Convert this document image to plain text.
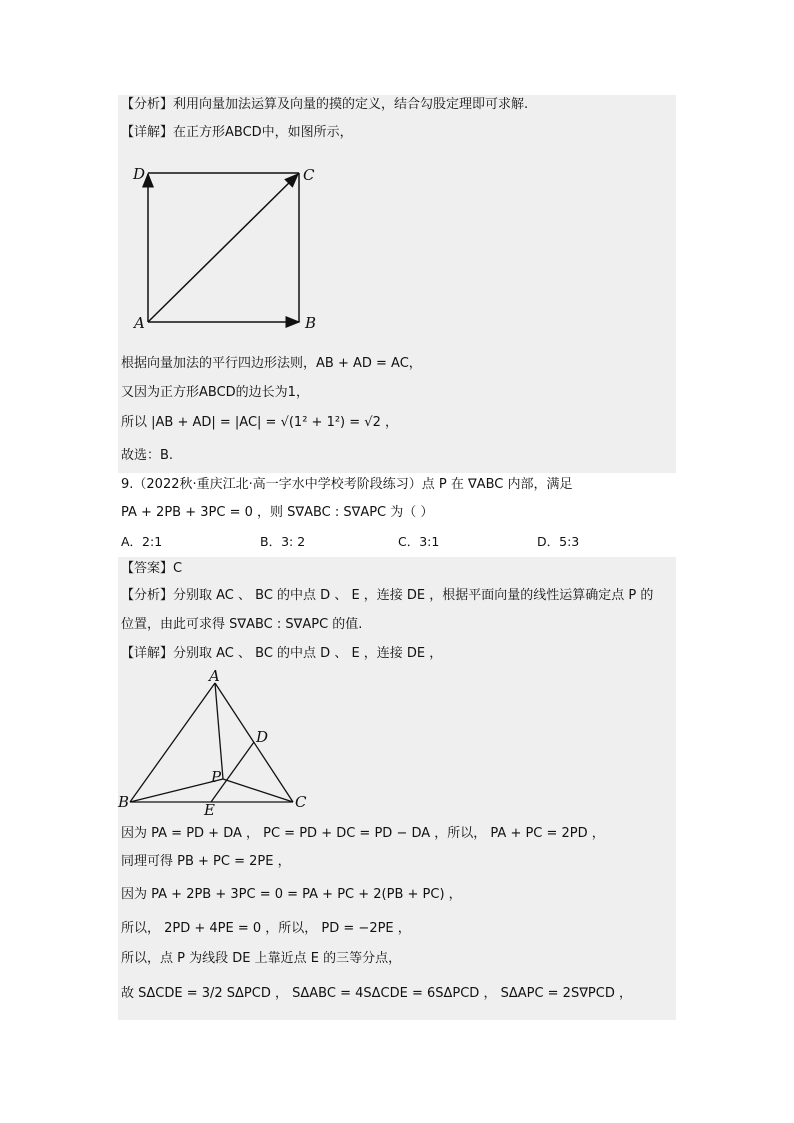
【分析】利用向量加法运算及向量的摸的定义，结合勾股定理即可求解.
【详解】在正方形ABCD中，如图所示，
D	C
A	B
根据向量加法的平行四边形法则，AB + AD = AC，
又因为正方形ABCD的边长为1，
所以 |AB + AD| = |AC| = √(1² + 1²) = √2 ，
故选：B.
9.（2022秋·重庆江北·高一字水中学校考阶段练习）点 P 在 ∇ABC 内部，满足
PA + 2PB + 3PC = 0 ，则 S∇ABC : S∇APC 为（ ）
A．2:1	B．3: 2	C．3:1	D．5:3
【答案】C
【分析】分别取 AC 、 BC 的中点 D 、 E ，连接 DE ，根据平面向量的线性运算确定点 P 的
位置，由此可求得 S∇ABC : S∇APC 的值.
【详解】分别取 AC 、 BC 的中点 D 、 E ，连接 DE ，
A
D
P
B	E	C
因为 PA = PD + DA ， PC = PD + DC = PD − DA ，所以， PA + PC = 2PD ，
同理可得 PB + PC = 2PE ，
因为 PA + 2PB + 3PC = 0 = PA + PC + 2(PB + PC) ，
所以， 2PD + 4PE = 0 ，所以， PD = −2PE ，
所以，点 P 为线段 DE 上靠近点 E 的三等分点，
故 SΔCDE = 3/2 SΔPCD ， SΔABC = 4SΔCDE = 6SΔPCD ， SΔAPC = 2S∇PCD ，
